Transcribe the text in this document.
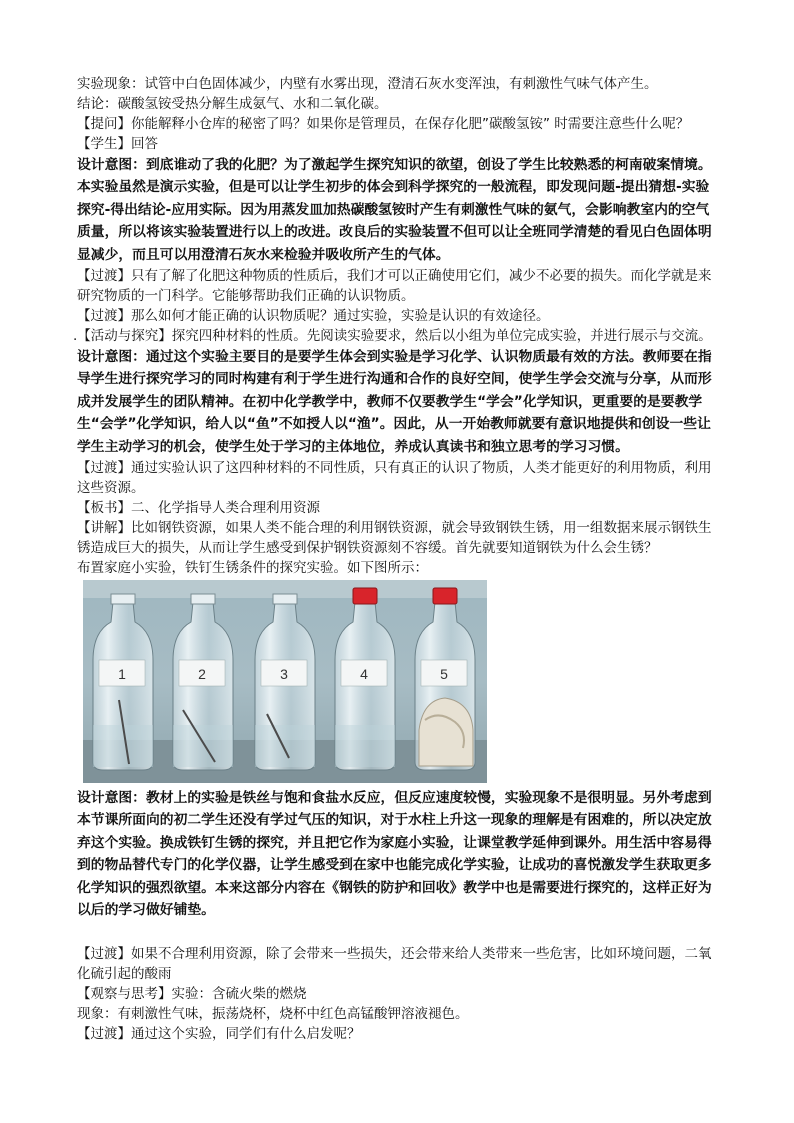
实验现象：试管中白色固体减少，内壁有水雾出现，澄清石灰水变浑浊，有刺激性气味气体产生。

结论：碳酸氢铵受热分解生成氨气、水和二氧化碳。

【提问】你能解释小仓库的秘密了吗？如果你是管理员，在保存化肥”碳酸氢铵” 时需要注意些什么呢？

【学生】回答

设计意图：到底谁动了我的化肥？为了激起学生探究知识的欲望，创设了学生比较熟悉的柯南破案情境。本实验虽然是演示实验，但是可以让学生初步的体会到科学探究的一般流程，即发现问题-提出猜想-实验探究-得出结论-应用实际。因为用蒸发皿加热碳酸氢铵时产生有刺激性气味的氨气，会影响教室内的空气质量，所以将该实验装置进行以上的改进。改良后的实验装置不但可以让全班同学清楚的看见白色固体明显减少，而且可以用澄清石灰水来检验并吸收所产生的气体。

【过渡】只有了解了化肥这种物质的性质后，我们才可以正确使用它们，减少不必要的损失。而化学就是来研究物质的一门科学。它能够帮助我们正确的认识物质。

【过渡】那么如何才能正确的认识物质呢？通过实验，实验是认识的有效途径。

.【活动与探究】探究四种材料的性质。先阅读实验要求，然后以小组为单位完成实验，并进行展示与交流。

设计意图：通过这个实验主要目的是要学生体会到实验是学习化学、认识物质最有效的方法。教师要在指导学生进行探究学习的同时构建有利于学生进行沟通和合作的良好空间，使学生学会交流与分享，从而形成并发展学生的团队精神。在初中化学教学中，教师不仅要教学生“学会”化学知识，更重要的是要教学生“会学”化学知识，给人以“鱼”不如授人以“渔”。因此，从一开始教师就要有意识地提供和创设一些让学生主动学习的机会，使学生处于学习的主体地位，养成认真读书和独立思考的学习习惯。

【过渡】通过实验认识了这四种材料的不同性质，只有真正的认识了物质，人类才能更好的利用物质，利用这些资源。

【板书】二、化学指导人类合理利用资源

【讲解】比如钢铁资源，如果人类不能合理的利用钢铁资源，就会导致钢铁生锈，用一组数据来展示钢铁生锈造成巨大的损失，从而让学生感受到保护钢铁资源刻不容缓。首先就要知道钢铁为什么会生锈？

布置家庭小实验，铁钉生锈条件的探究实验。如下图所示：

1	2	3	4	5

设计意图：教材上的实验是铁丝与饱和食盐水反应，但反应速度较慢，实验现象不是很明显。另外考虑到本节课所面向的初二学生还没有学过气压的知识，对于水柱上升这一现象的理解是有困难的，所以决定放弃这个实验。换成铁钉生锈的探究，并且把它作为家庭小实验，让课堂教学延伸到课外。用生活中容易得到的物品替代专门的化学仪器，让学生感受到在家中也能完成化学实验，让成功的喜悦激发学生获取更多化学知识的强烈欲望。本来这部分内容在《钢铁的防护和回收》教学中也是需要进行探究的，这样正好为以后的学习做好铺垫。

【过渡】如果不合理利用资源，除了会带来一些损失，还会带来给人类带来一些危害，比如环境问题，二氧化硫引起的酸雨

【观察与思考】实验：含硫火柴的燃烧

现象：有刺激性气味，振荡烧杯，烧杯中红色高锰酸钾溶液褪色。

【过渡】通过这个实验，同学们有什么启发呢？
